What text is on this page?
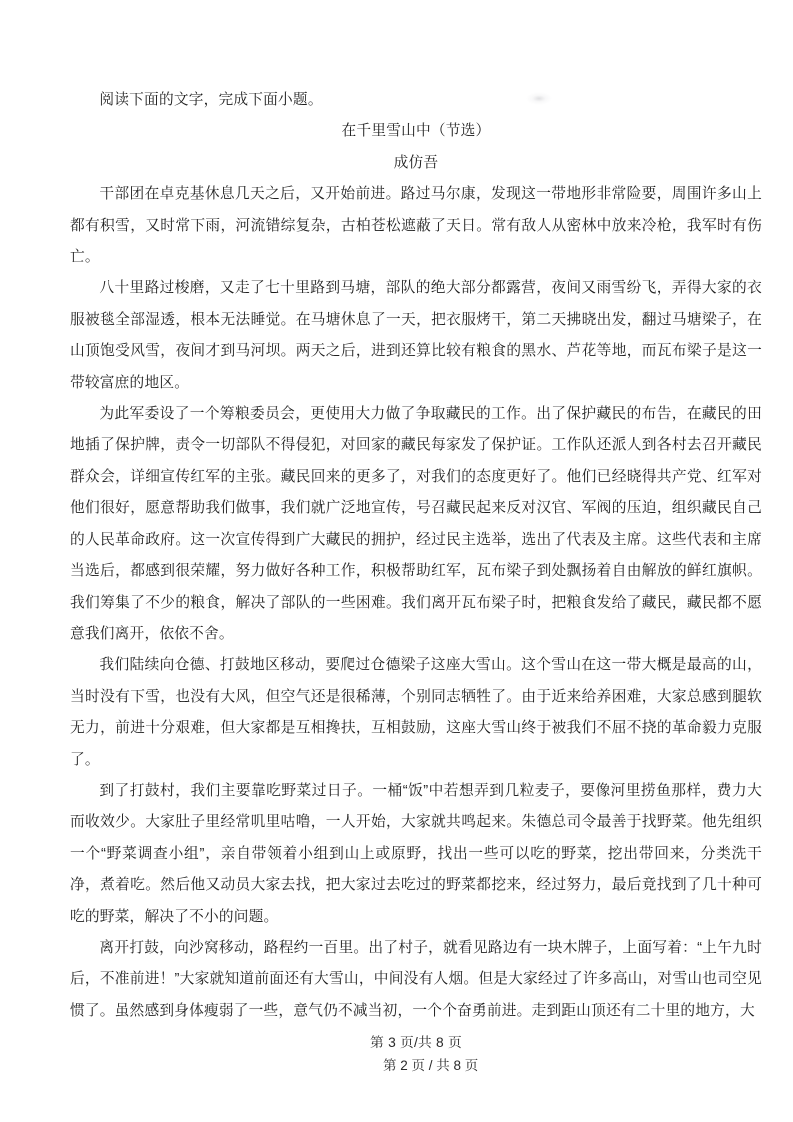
阅读下面的文字，完成下面小题。

在千里雪山中（节选）
成仿吾

干部团在卓克基休息几天之后，又开始前进。路过马尔康，发现这一带地形非常险要，周围许多山上都有积雪，又时常下雨，河流错综复杂，古柏苍松遮蔽了天日。常有敌人从密林中放来冷枪，我军时有伤亡。

八十里路过梭磨，又走了七十里路到马塘，部队的绝大部分都露营，夜间又雨雪纷飞，弄得大家的衣服被毯全部湿透，根本无法睡觉。在马塘休息了一天，把衣服烤干，第二天拂晓出发，翻过马塘梁子，在山顶饱受风雪，夜间才到马河坝。两天之后，进到还算比较有粮食的黑水、芦花等地，而瓦布梁子是这一带较富庶的地区。

为此军委设了一个筹粮委员会，更使用大力做了争取藏民的工作。出了保护藏民的布告，在藏民的田地插了保护牌，责令一切部队不得侵犯，对回家的藏民每家发了保护证。工作队还派人到各村去召开藏民群众会，详细宣传红军的主张。藏民回来的更多了，对我们的态度更好了。他们已经晓得共产党、红军对他们很好，愿意帮助我们做事，我们就广泛地宣传，号召藏民起来反对汉官、军阀的压迫，组织藏民自己的人民革命政府。这一次宣传得到广大藏民的拥护，经过民主选举，选出了代表及主席。这些代表和主席当选后，都感到很荣耀，努力做好各种工作，积极帮助红军，瓦布梁子到处飘扬着自由解放的鲜红旗帜。我们筹集了不少的粮食，解决了部队的一些困难。我们离开瓦布梁子时，把粮食发给了藏民，藏民都不愿意我们离开，依依不舍。

我们陆续向仓德、打鼓地区移动，要爬过仓德梁子这座大雪山。这个雪山在这一带大概是最高的山，当时没有下雪，也没有大风，但空气还是很稀薄，个别同志牺牲了。由于近来给养困难，大家总感到腿软无力，前进十分艰难，但大家都是互相搀扶，互相鼓励，这座大雪山终于被我们不屈不挠的革命毅力克服了。

到了打鼓村，我们主要靠吃野菜过日子。一桶“饭”中若想弄到几粒麦子，要像河里捞鱼那样，费力大而收效少。大家肚子里经常叽里咕噜，一人开始，大家就共鸣起来。朱德总司令最善于找野菜。他先组织一个“野菜调查小组”，亲自带领着小组到山上或原野，找出一些可以吃的野菜，挖出带回来，分类洗干净，煮着吃。然后他又动员大家去找，把大家过去吃过的野菜都挖来，经过努力，最后竟找到了几十种可吃的野菜，解决了不小的问题。

离开打鼓，向沙窝移动，路程约一百里。出了村子，就看见路边有一块木牌子，上面写着：“上午九时后，不准前进！”大家就知道前面还有大雪山，中间没有人烟。但是大家经过了许多高山，对雪山也司空见惯了。虽然感到身体瘦弱了一些，意气仍不减当初，一个个奋勇前进。走到距山顶还有二十里的地方，大

第 3 页/共 8 页
第 2 页 / 共 8 页
